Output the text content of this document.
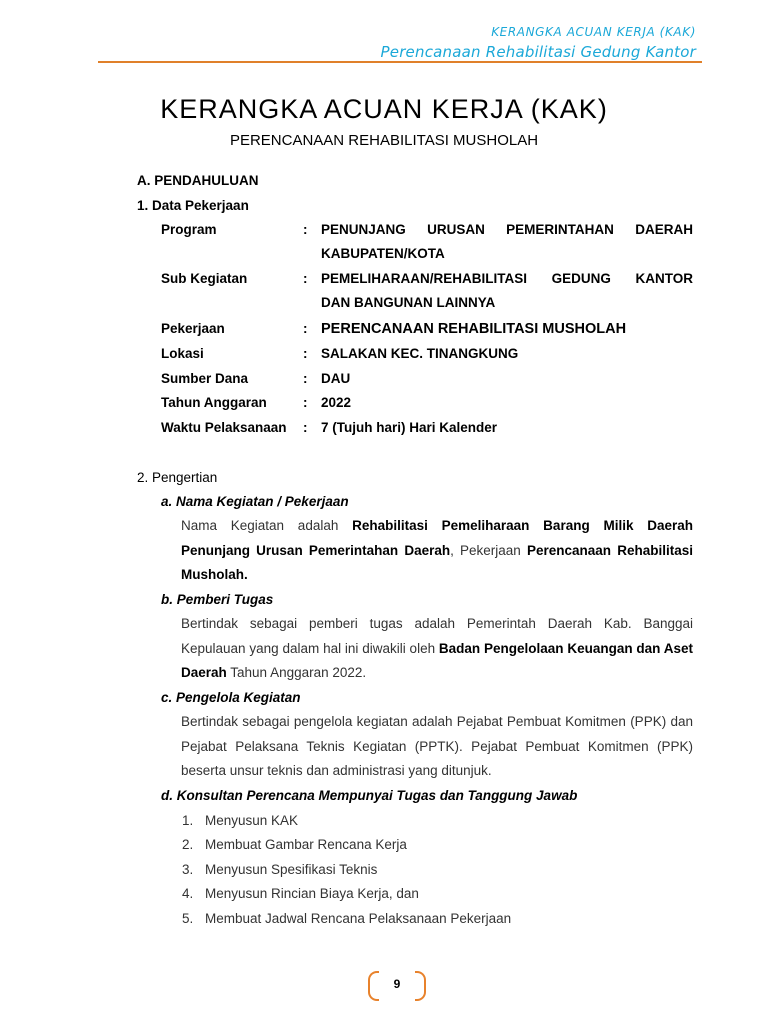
KERANGKA ACUAN KERJA (KAK)
Perencanaan Rehabilitasi Gedung Kantor
KERANGKA ACUAN KERJA (KAK)
PERENCANAAN REHABILITASI MUSHOLAH
A. PENDAHULUAN
1. Data Pekerjaan
Program	: PENUNJANG URUSAN PEMERINTAHAN DAERAH
KABUPATEN/KOTA
Sub Kegiatan	: PEMELIHARAAN/REHABILITASI GEDUNG KANTOR
DAN BANGUNAN LAINNYA
Pekerjaan	: PERENCANAAN REHABILITASI MUSHOLAH
Lokasi	: SALAKAN KEC. TINANGKUNG
Sumber Dana	: DAU
Tahun Anggaran	: 2022
Waktu Pelaksanaan : 7 (Tujuh hari) Hari Kalender
2. Pengertian
a. Nama Kegiatan / Pekerjaan
Nama Kegiatan adalah Rehabilitasi Pemeliharaan Barang Milik Daerah Penunjang Urusan Pemerintahan Daerah, Pekerjaan Perencanaan Rehabilitasi Musholah.
b. Pemberi Tugas
Bertindak sebagai pemberi tugas adalah Pemerintah Daerah Kab. Banggai Kepulauan yang dalam hal ini diwakili oleh Badan Pengelolaan Keuangan dan Aset Daerah Tahun Anggaran 2022.
c. Pengelola Kegiatan
Bertindak sebagai pengelola kegiatan adalah Pejabat Pembuat Komitmen (PPK) dan Pejabat Pelaksana Teknis Kegiatan (PPTK). Pejabat Pembuat Komitmen (PPK) beserta unsur teknis dan administrasi yang ditunjuk.
d. Konsultan Perencana Mempunyai Tugas dan Tanggung Jawab
1. Menyusun KAK
2. Membuat Gambar Rencana Kerja
3. Menyusun Spesifikasi Teknis
4. Menyusun Rincian Biaya Kerja, dan
5. Membuat Jadwal Rencana Pelaksanaan Pekerjaan
9
